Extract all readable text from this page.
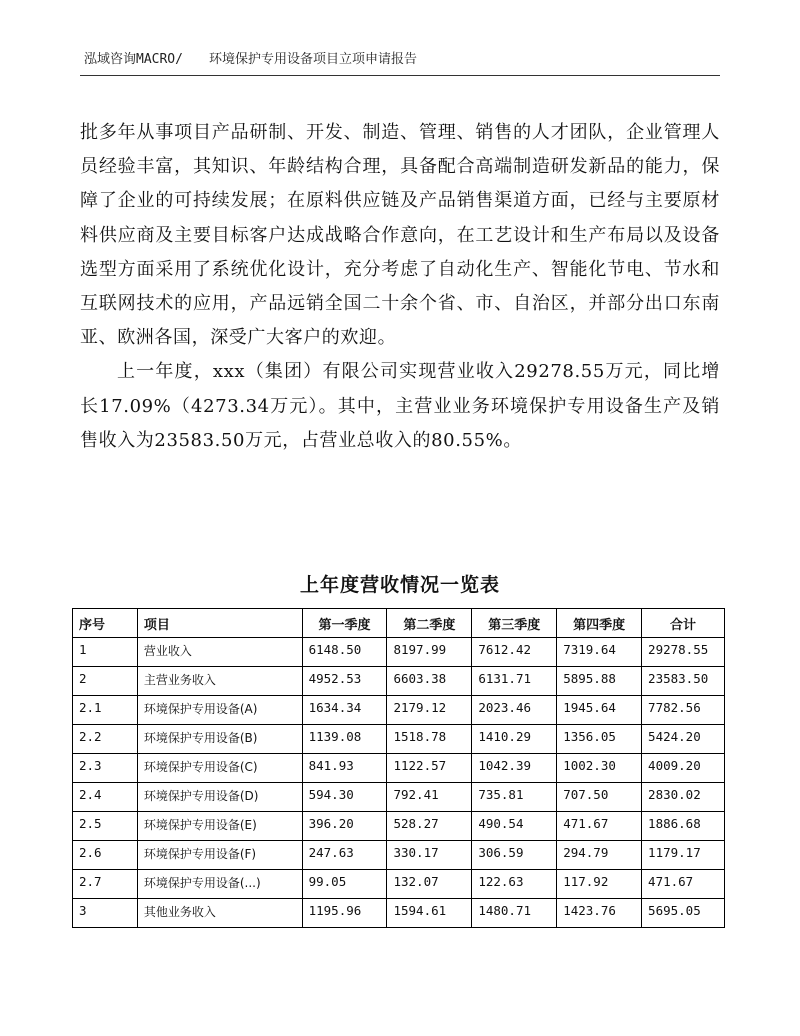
泓域咨询MACRO/ 环境保护专用设备项目立项申请报告

批多年从事项目产品研制、开发、制造、管理、销售的人才团队，企业管理人员经验丰富，其知识、年龄结构合理，具备配合高端制造研发新品的能力，保障了企业的可持续发展；在原料供应链及产品销售渠道方面，已经与主要原材料供应商及主要目标客户达成战略合作意向，在工艺设计和生产布局以及设备选型方面采用了系统优化设计，充分考虑了自动化生产、智能化节电、节水和互联网技术的应用，产品远销全国二十余个省、市、自治区，并部分出口东南亚、欧洲各国，深受广大客户的欢迎。

上一年度，xxx（集团）有限公司实现营业收入29278.55万元，同比增长17.09%（4273.34万元）。其中，主营业业务环境保护专用设备生产及销售收入为23583.50万元，占营业总收入的80.55%。

上年度营收情况一览表
序号	项目	第一季度	第二季度	第三季度	第四季度	合计
1	营业收入	6148.50	8197.99	7612.42	7319.64	29278.55
2	主营业务收入	4952.53	6603.38	6131.71	5895.88	23583.50
2.1	环境保护专用设备(A)	1634.34	2179.12	2023.46	1945.64	7782.56
2.2	环境保护专用设备(B)	1139.08	1518.78	1410.29	1356.05	5424.20
2.3	环境保护专用设备(C)	841.93	1122.57	1042.39	1002.30	4009.20
2.4	环境保护专用设备(D)	594.30	792.41	735.81	707.50	2830.02
2.5	环境保护专用设备(E)	396.20	528.27	490.54	471.67	1886.68
2.6	环境保护专用设备(F)	247.63	330.17	306.59	294.79	1179.17
2.7	环境保护专用设备(...)	99.05	132.07	122.63	117.92	471.67
3	其他业务收入	1195.96	1594.61	1480.71	1423.76	5695.05
